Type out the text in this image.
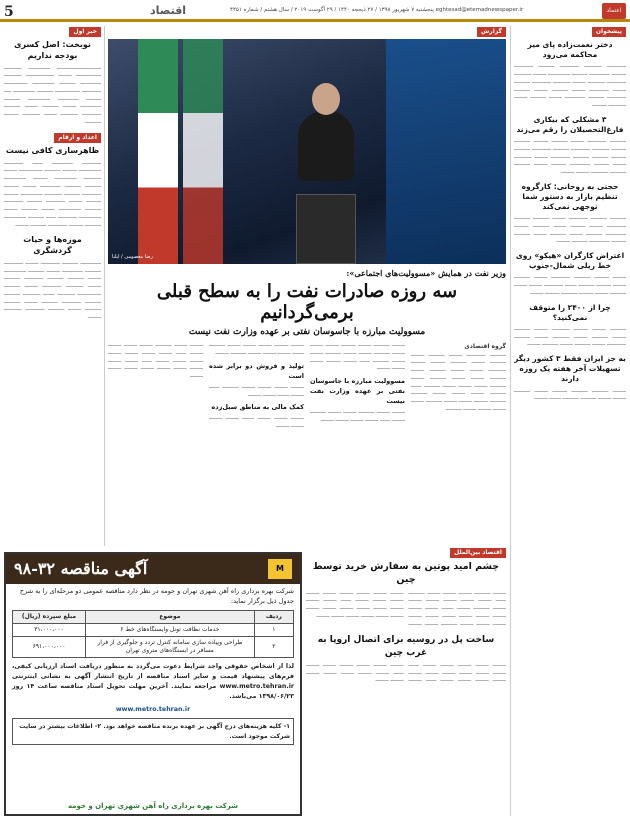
5	اقتصاد	eghtesad@etemadnewspaper.ir پنجشنبه ۷ شهریور ۱۳۹۸ / ۲۷ ذیحجه ۱۴۴۰ / ۲۹ آگوست ۲۰۱۹ / سال هشتم / شماره ۴۴۵۱	اعتماد
خبر اول
نوبخت: اصل کسری بودجه نداریم
ــــــــــــــــــــــــــــــ ـــــــــــــــ ــــــــــــ ـــــــــــــــــ ـــــــــ ـــــــــــــــــــ ــــــــــــ ــــــــــــــ ـــــــــــ ـــــــــــــــ ــــــــــــــــ ـــــــــــــ ـــــــــــــــــ ـــــــــــ ـــــــــــــــ ـــــ ــــــــــ ــــــــــــــ ـــــــــــــــ ـــــــــــ ــــــــــــــ ـــــــــ ـــــــــــ ـــــــــ ـــــــــــ ـــــــــــــ ــــــــــــ ـــــــــ ــــــــــــ ــــــــــ ـــــــــــ
اعداد و ارقام
ظاهرسازی کافی نیست
ـــــــــــــ ــــــــــــــ ـــــــ ـــــــــــــ ـــــــــــــــ ــــــــــ ـــــــــــ ــــــــــــــــ ـــــــــ ــــــــــــ ـــــــــــــــ ــــــــــ ـــــــــــــــ ـــــــــــ ـــــــــــ ــــــــــــــ ـــــــــ ــــــــــ ـــــــــــــ ـــــــــــ ــــــــــــ ـــــــــــــــ ــــــــــ ــــــــــ ـــــــــ ـــــــــــــ ــــــــــ ـــــــــــــ ـــــــــــ ـــــــــــــــ ـــــــــ ـــــــــــ ـــــــــ ـــــــــــــــ ـــــــــــــ ـــــــ ـــــــــــ ـــــــــــــــ ـــــــــــ ــــــــــ ـــــــــــــ ـــــــــــ ـــــــــ
موزه‌ها و حیات گردشگری
ــــــــــــــ ـــــــــــ ـــــــــــــ ـــــــــ ـــــــــــــ ـــــــــــ ــــــــــــــ ـــــــــ ـــــــــــ ـــــــــــــــ ـــــــــ ـــــــــــ ـــــــــــ ـــــــــــــ ـــــــــــ ـــــــــ ــــــــــــ ـــــــــــــ ـــــــــ ـــــــــــ ــــــــــــــــ ــــــــــــ ــــــــ ــــــــــــ ـــــــــــ ـــــــــــ ـــــــــــــ ـــــــــــ ـــــــــ ـــــــــــ ـــــــــــ ـــــــــ ـــــــــــ ـــــــــــــ ــــــــــــ ـــــــــ
پیشخوان
دختر نعمت‌زاده پای میز محاکمه می‌رود
ـــــــــــــ ــــــــــــ ـــــــــــــ ـــــــــــ ـــــــــــــ ــــــــــ ــــــــــــــ ـــــــــــ ـــــــــــــــ ـــــــــ ــــــــــــ ـــــــــــــ ــــــــــــ ـــــــــ ــــــــــــ ـــــــــــــ ـــــــــــ ـــــــــ ـــــــــــــ ـــــــــ ـــــــــــ ـــــــــ ـــــــــــ ـــــــــــــ ـــــــــــ ــــــــــــــ ـــــــــ ـــــــــــ ـــــــــ ــــــــــــ ــــــــــ
۳ مشکلی که بیکاری فارغ‌التحصیلان را رقم می‌زند
ـــــــــــ ـــــــــــــ ـــــــــ ـــــــــــ ــــــــــ ـــــــــــ ــــــــــ ــــــــــــ ـــــــــــــ ـــــــــــ ـــــــــــــ ـــــــــــ ــــــــــ ـــــــــــ ـــــــــــ ـــــــــــــ ـــــــــ ــــــــــــ ـــــــــ ــــــــــ ــــــــــــــ ــــــــــ ـــــــــ ـــــــــــ ـــــــــــ ــــــــــــ ـــــــــ ـــــــــ
حجتی به روحانی: کارگروه تنظیم بازار به دستور شما توجهی نمی‌کند
ـــــــــــ ـــــــــــ ـــــــــــــ ـــــــــ ـــــــــــ ـــــــــــ ـــــــــــــ ـــــــــ ــــــــــ ـــــــــ ـــــــــــ ــــــــــ ــــــــــــــ ـــــــــــ ـــــــــ ـــــــــــ ـــــــــ ـــــــــــ ــــــــــ ــــــــــــــ ـــــــــــ ـــــــــ
اعتراض کارگران «هیکو» روی خط ریلی شمال-جنوب
ـــــــــ ــــــــــ ـــــــــــ ـــــــــــــ ـــــــــ ـــــــــــ ـــــــــ ــــــــــ ـــــــــــ ــــــــ ـــــــــــــ ـــــــــ ـــــــــ ـــــــــــ ـــــــــ ــــــــــ ـــــــــــ ــــــــــ ـــــــــ
چرا از ۲۴۰۰ را متوقف نمی‌کنید؟
ـــــــــــ ـــــــــ ــــــــــ ــــــــــــ ـــــــــ ـــــــــــ ـــــــــ ـــــــــــ ـــــــــ ـــــــــــ ـــــــــ ـــــــــــ ـــــــــــــ ـــــــــ ـــــــــــ ـــــــــ ـــــــــــ ـــــــــ
به جز ایران فقط ۳ کشور دیگر تسهیلات آخر هفته یک روزه دارند
ـــــــــ ـــــــــــ ـــــــــــ ــــــــــ ـــــــــ ـــــــــــ ـــــــــ ـــــــــ ـــــــــــ ـــــــــــ ــــــــ ـــــــــ
گزارش
رضا معصومی / ایلنا
وزیر نفت در همایش «مسوولیت‌های اجتماعی»:
سه روزه صادرات نفت را به سطح قبلی برمی‌گردانیم
مسوولیت مبارزه با جاسوسان نفتی بر عهده وزارت نفت نیست
گروه اقتصادی
ـــــــــــ ـــــــــــــ ـــــــــ ـــــــــــ ـــــــــ ـــــــــــ ـــــــــ ـــــــــــ ــــــــــ ــــــــــ ــــــــــــ ـــــــــ ـــــــــ ـــــــــــ ـــــــــ ـــــــــــ ـــــــــ ـــــــــ ـــــــــــ ـــــــــ ـــــــــــ ـــــــــ ـــــــــ ـــــــــ ـــــــــــ ـــــــ ـــــــــــ ـــــــــ ـــــــــ ـــــــــ ـــــــــــ ـــــــــــ ــــــــــ ـــــــــ ـــــــــ ـــــــــــ ـــــــــ ـــــــــ ـــــــــ ـــــــــ ـــــــــــ
ـــــــــ ـــــــــــ ـــــــــ ــــــــــ ـــــــــ ـــــــــ ـــــــــ ـــــــــــ ـــــــــ ـــــــــ ـــــــــــ ـــــــــ ـــــــــ ـــــــــــ ـــــــ ـــــــــ ــــــــــ ـــــــــ ـــــــــ ـــــــــ
مسوولیت مبارزه با جاسوسان نفتی بر عهده وزارت نفت نیست
ـــــــــ ـــــــــ ـــــــــــ ـــــــــ ـــــــــ ـــــــــــ ـــــــــ ـــــــ ـــــــــ ـــــــــ ـــــــــ ـــــــــ
ـــــــــ ــــــــــ ـــــــــ ـــــــــ ـــــــــ ـــــــــــ ــــــــ ـــــــــ ـــــــــ ـــــــــ ـــــــــــ ـــــــــ
تولید و فروش دو برابر شده است
ـــــــــ ـــــــــ ـــــــــ ـــــــــ ـــــــــــ ـــــــ ـــــــــ ــــــــ ـــــــــ ـــــــــ
کمک مالی به مناطق سیل‌زده
ـــــــــ ـــــــــ ـــــــــ ــــــــ ـــــــــ ـــــــــ ـــــــــ ـــــــــ
ـــــــــ ـــــــــ ـــــــــــ ـــــــــ ـــــــــ ـــــــــ ـــــــــ ـــــــ ـــــــــ ـــــــــ ـــــــــ ـــــــــ ـــــــــ ـــــــــ ـــــــــ ـــــــ ـــــــــ ـــــــــ ـــــــــ ـــــــــ ـــــــــ ـــــــــ ـــــــــ ـــــــــ ـــــــــ
اقتصاد بین‌الملل
چشم امید پوتین به سفارش خرید توسط چین
ـــــــــ ـــــــــــ ـــــــــ ـــــــــ ـــــــــ ـــــــــــ ـــــــ ـــــــــ ـــــــــ ـــــــــ ـــــــــ ـــــــــ ـــــــــ ـــــــــــ ـــــــــ ــــــــ ـــــــــ ـــــــــ ـــــــــ ـــــــــ ـــــــــ ـــــــــ ـــــــــ ـــــــــ ـــــــــ ـــــــــ ـــــــــ ـــــــــــ ـــــــــ ـــــــــ ـــــــــ ـــــــــ ـــــــــ ـــــــــ ـــــــــ ـــــــــ ـــــــــ ـــــــــ ـــــــــ ـــــــ ـــــــــ ـــــــــ ـــــــــ ـــــــــ ـــــــــ ـــــــــ ـــــــــ ـــــــــ ـــــــــ ـــــــــ ـــــــــ ـــــــــ ـــــــــ ـــــــــ
ساخت پل در روسیه برای اتصال اروپا به غرب چین
ـــــــــ ـــــــــ ـــــــــ ـــــــــ ـــــــــ ـــــــ ـــــــــ ـــــــــ ـــــــــ ـــــــــ ـــــــــ ـــــــــ ـــــــــ ـــــــــ ـــــــــ ـــــــــ ـــــــ ـــــــــ ـــــــــ ـــــــــ ـــــــــ ـــــــــ ـــــــــ ـــــــــ ـــــــ ـــــــــ ـــــــــ ـــــــــ ـــــــــ ـــــــــ ـــــــــ ـــــــــ
M
آگهی مناقصه ۳۲-۹۸
شرکت بهره برداری راه آهن شهری تهران و حومه در نظر دارد مناقصه عمومی دو مرحله‌ای را به شرح جدول ذیل برگزار نماید:
ردیف	موضوع	مبلغ سپرده (ریال)
۱	خدمات نظافت تونل وایستگاه‌های خط ۶	۳۱،۰۰۰،۰۰۰
۲	طراحی وپیاده سازی سامانه کنترل تردد و جلوگیری از فرار مسافر در ایستگاه‌های متروی تهران	۶۹۱،۰۰۰،۰۰۰
لذا از اشخاص حقوقی واجد شرایط دعوت می‌گردد به منظور دریافت اسناد ارزیابی کیفی، فرم‌های پیشنهاد قیمت و سایر اسناد مناقصه از تاریخ انتشار آگهی به نشانی اینترنتی www.metro.tehran.ir مراجعه نمایند. آخرین مهلت تحویل اسناد مناقصه ساعت ۱۴ روز ۱۳۹۸/۰۶/۲۳ می‌باشد.
www.metro.tehran.ir
۱- کلیه هزینه‌های درج آگهی بر عهده برنده مناقصه خواهد بود. ۲- اطلاعات بیشتر در سایت شرکت موجود است.
شرکت بهره برداری راه آهن شهری تهران و حومه
